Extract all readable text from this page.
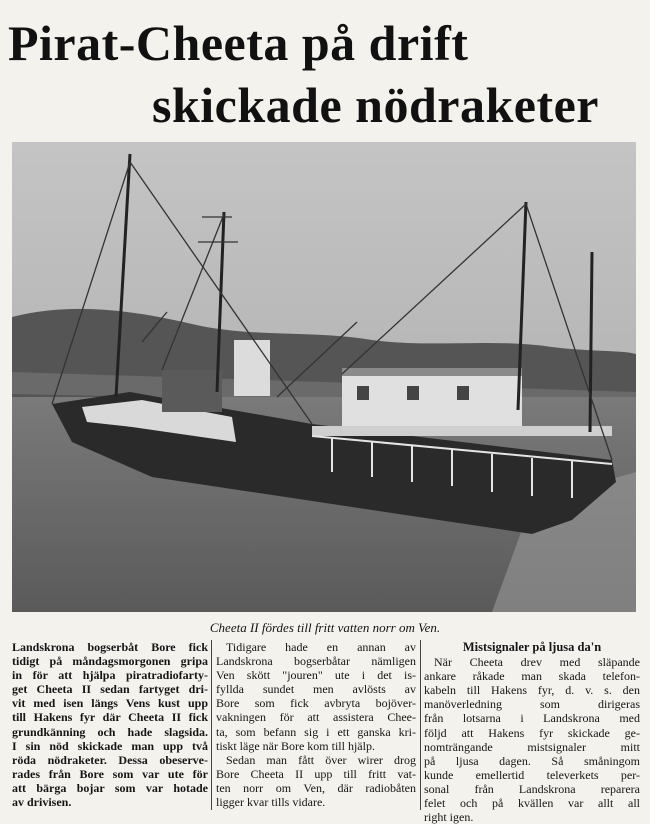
Pirat-Cheeta på drift
skickade nödraketer
Cheeta II fördes till fritt vatten norr om Ven.
Landskrona bogserbåt Bore fick
tidigt på måndagsmorgonen gripa
in för att hjälpa piratradiofarty-
get Cheeta II sedan fartyget dri-
vit med isen längs Vens kust upp
till Hakens fyr där Cheeta II fick
grundkänning och hade slagsida.
I sin nöd skickade man upp två
röda nödraketer. Dessa obeserve-
rades från Bore som var ute för
att bärga bojar som var hotade
av drivisen.
Tidigare hade en annan av
Landskrona bogserbåtar nämligen
Ven skött "jouren" ute i det is-
fyllda sundet men avlösts av
Bore som fick avbryta bojöver-
vakningen för att assistera Chee-
ta, som befann sig i ett ganska kri-
tiskt läge när Bore kom till hjälp.
Sedan man fått över wirer drog
Bore Cheeta II upp till fritt vat-
ten norr om Ven, där radiobåten
ligger kvar tills vidare.
Mistsignaler på ljusa da'n
När Cheeta drev med släpande
ankare råkade man skada telefon-
kabeln till Hakens fyr, d. v. s. den
manöverledning som dirigeras
från lotsarna i Landskrona med
följd att Hakens fyr skickade ge-
nomträngande mistsignaler mitt
på ljusa dagen. Så småningom
kunde emellertid televerkets per-
sonal från Landskrona reparera
felet och på kvällen var allt all
right igen.
